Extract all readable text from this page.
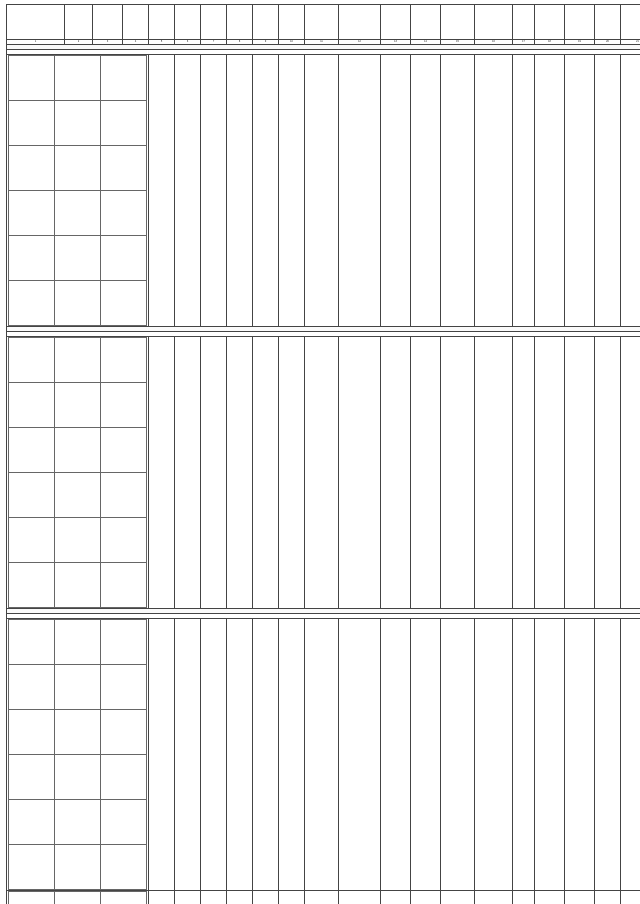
1	2	3	4	5	6	7	8	9	10	11	12	13	14	15	16	17	18	19	20	21
